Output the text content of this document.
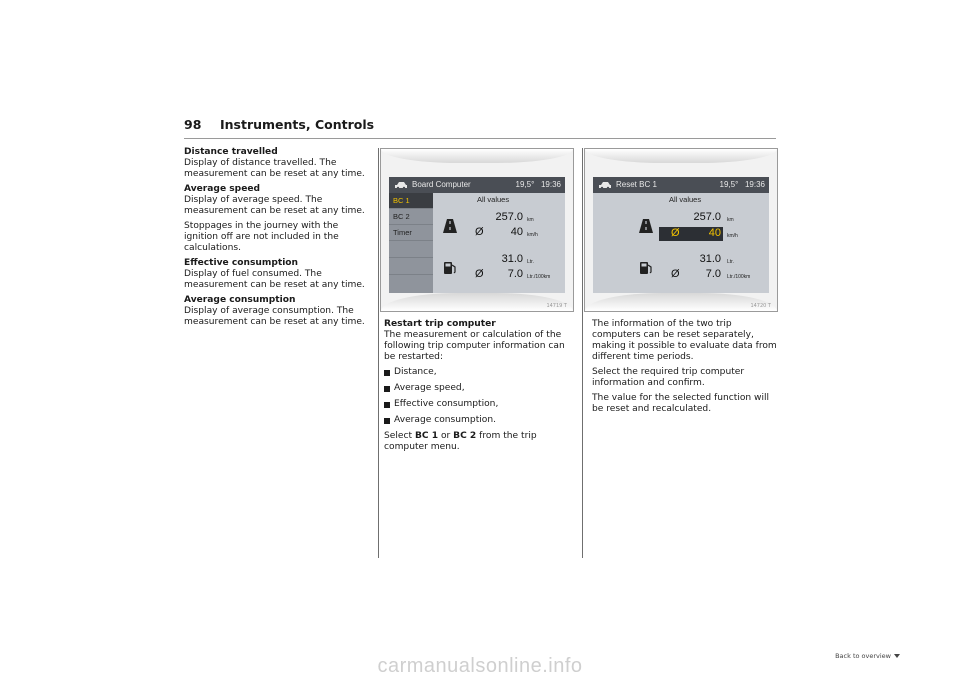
98 Instruments, Controls

Distance travelled
Display of distance travelled. The measurement can be reset at any time.

Average speed
Display of average speed. The measurement can be reset at any time.

Stoppages in the journey with the ignition off are not included in the calculations.

Effective consumption
Display of fuel consumed. The measurement can be reset at any time.

Average consumption
Display of average consumption. The measurement can be reset at any time.

Board Computer	19,5° 19:36
BC 1
BC 2
Timer
All values
257.0 km
Ø	40 km/h
31.0 Ltr.
Ø	7.0 Ltr./100km
14719 T
Reset BC 1	19,5° 19:36
All values
257.0 km
Ø	40 km/h
31.0 Ltr.
Ø	7.0 Ltr./100km
14720 T

Restart trip computer
The measurement or calculation of the following trip computer information can be restarted:

Distance,
Average speed,
Effective consumption,
Average consumption.

Select BC 1 or BC 2 from the trip computer menu.

The information of the two trip computers can be reset separately, making it possible to evaluate data from different time periods.

Select the required trip computer information and confirm.

The value for the selected function will be reset and recalculated.

Back to overview
carmanualsonline.info
